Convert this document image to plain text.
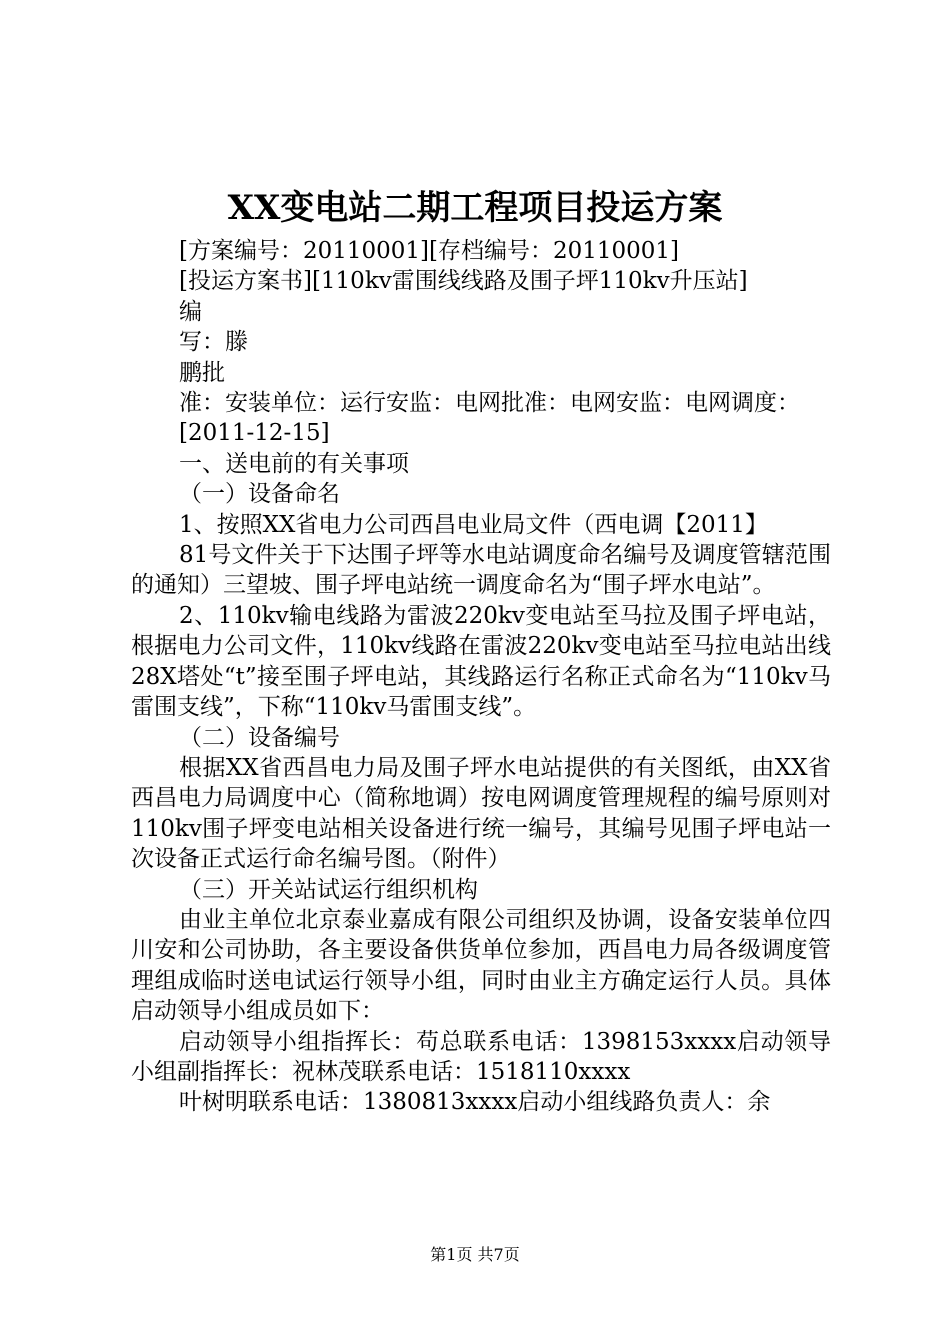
XX变电站二期工程项目投运方案

[方案编号：20110001][存档编号：20110001]

[投运方案书][110kv雷围线线路及围子坪110kv升压站]

编

写：滕

鹏批

准：安装单位：运行安监：电网批准：电网安监：电网调度：

[2011-12-15]

一、送电前的有关事项

（一）设备命名

1、按照XX省电力公司西昌电业局文件（西电调【2011】

81号文件关于下达围子坪等水电站调度命名编号及调度管辖范围的通知）三望坡、围子坪电站统一调度命名为“围子坪水电站”。

2、110kv输电线路为雷波220kv变电站至马拉及围子坪电站，根据电力公司文件，110kv线路在雷波220kv变电站至马拉电站出线28X塔处“t”接至围子坪电站，其线路运行名称正式命名为“110kv马雷围支线”，下称“110kv马雷围支线”。

（二）设备编号

根据XX省西昌电力局及围子坪水电站提供的有关图纸，由XX省西昌电力局调度中心（简称地调）按电网调度管理规程的编号原则对110kv围子坪变电站相关设备进行统一编号，其编号见围子坪电站一次设备正式运行命名编号图。（附件）

（三）开关站试运行组织机构

由业主单位北京泰业嘉成有限公司组织及协调，设备安装单位四川安和公司协助，各主要设备供货单位参加，西昌电力局各级调度管理组成临时送电试运行领导小组，同时由业主方确定运行人员。具体启动领导小组成员如下：

启动领导小组指挥长：苟总联系电话：1398153xxxx启动领导小组副指挥长：祝林茂联系电话：1518110xxxx

叶树明联系电话：1380813xxxx启动小组线路负责人：余

第1页 共7页
